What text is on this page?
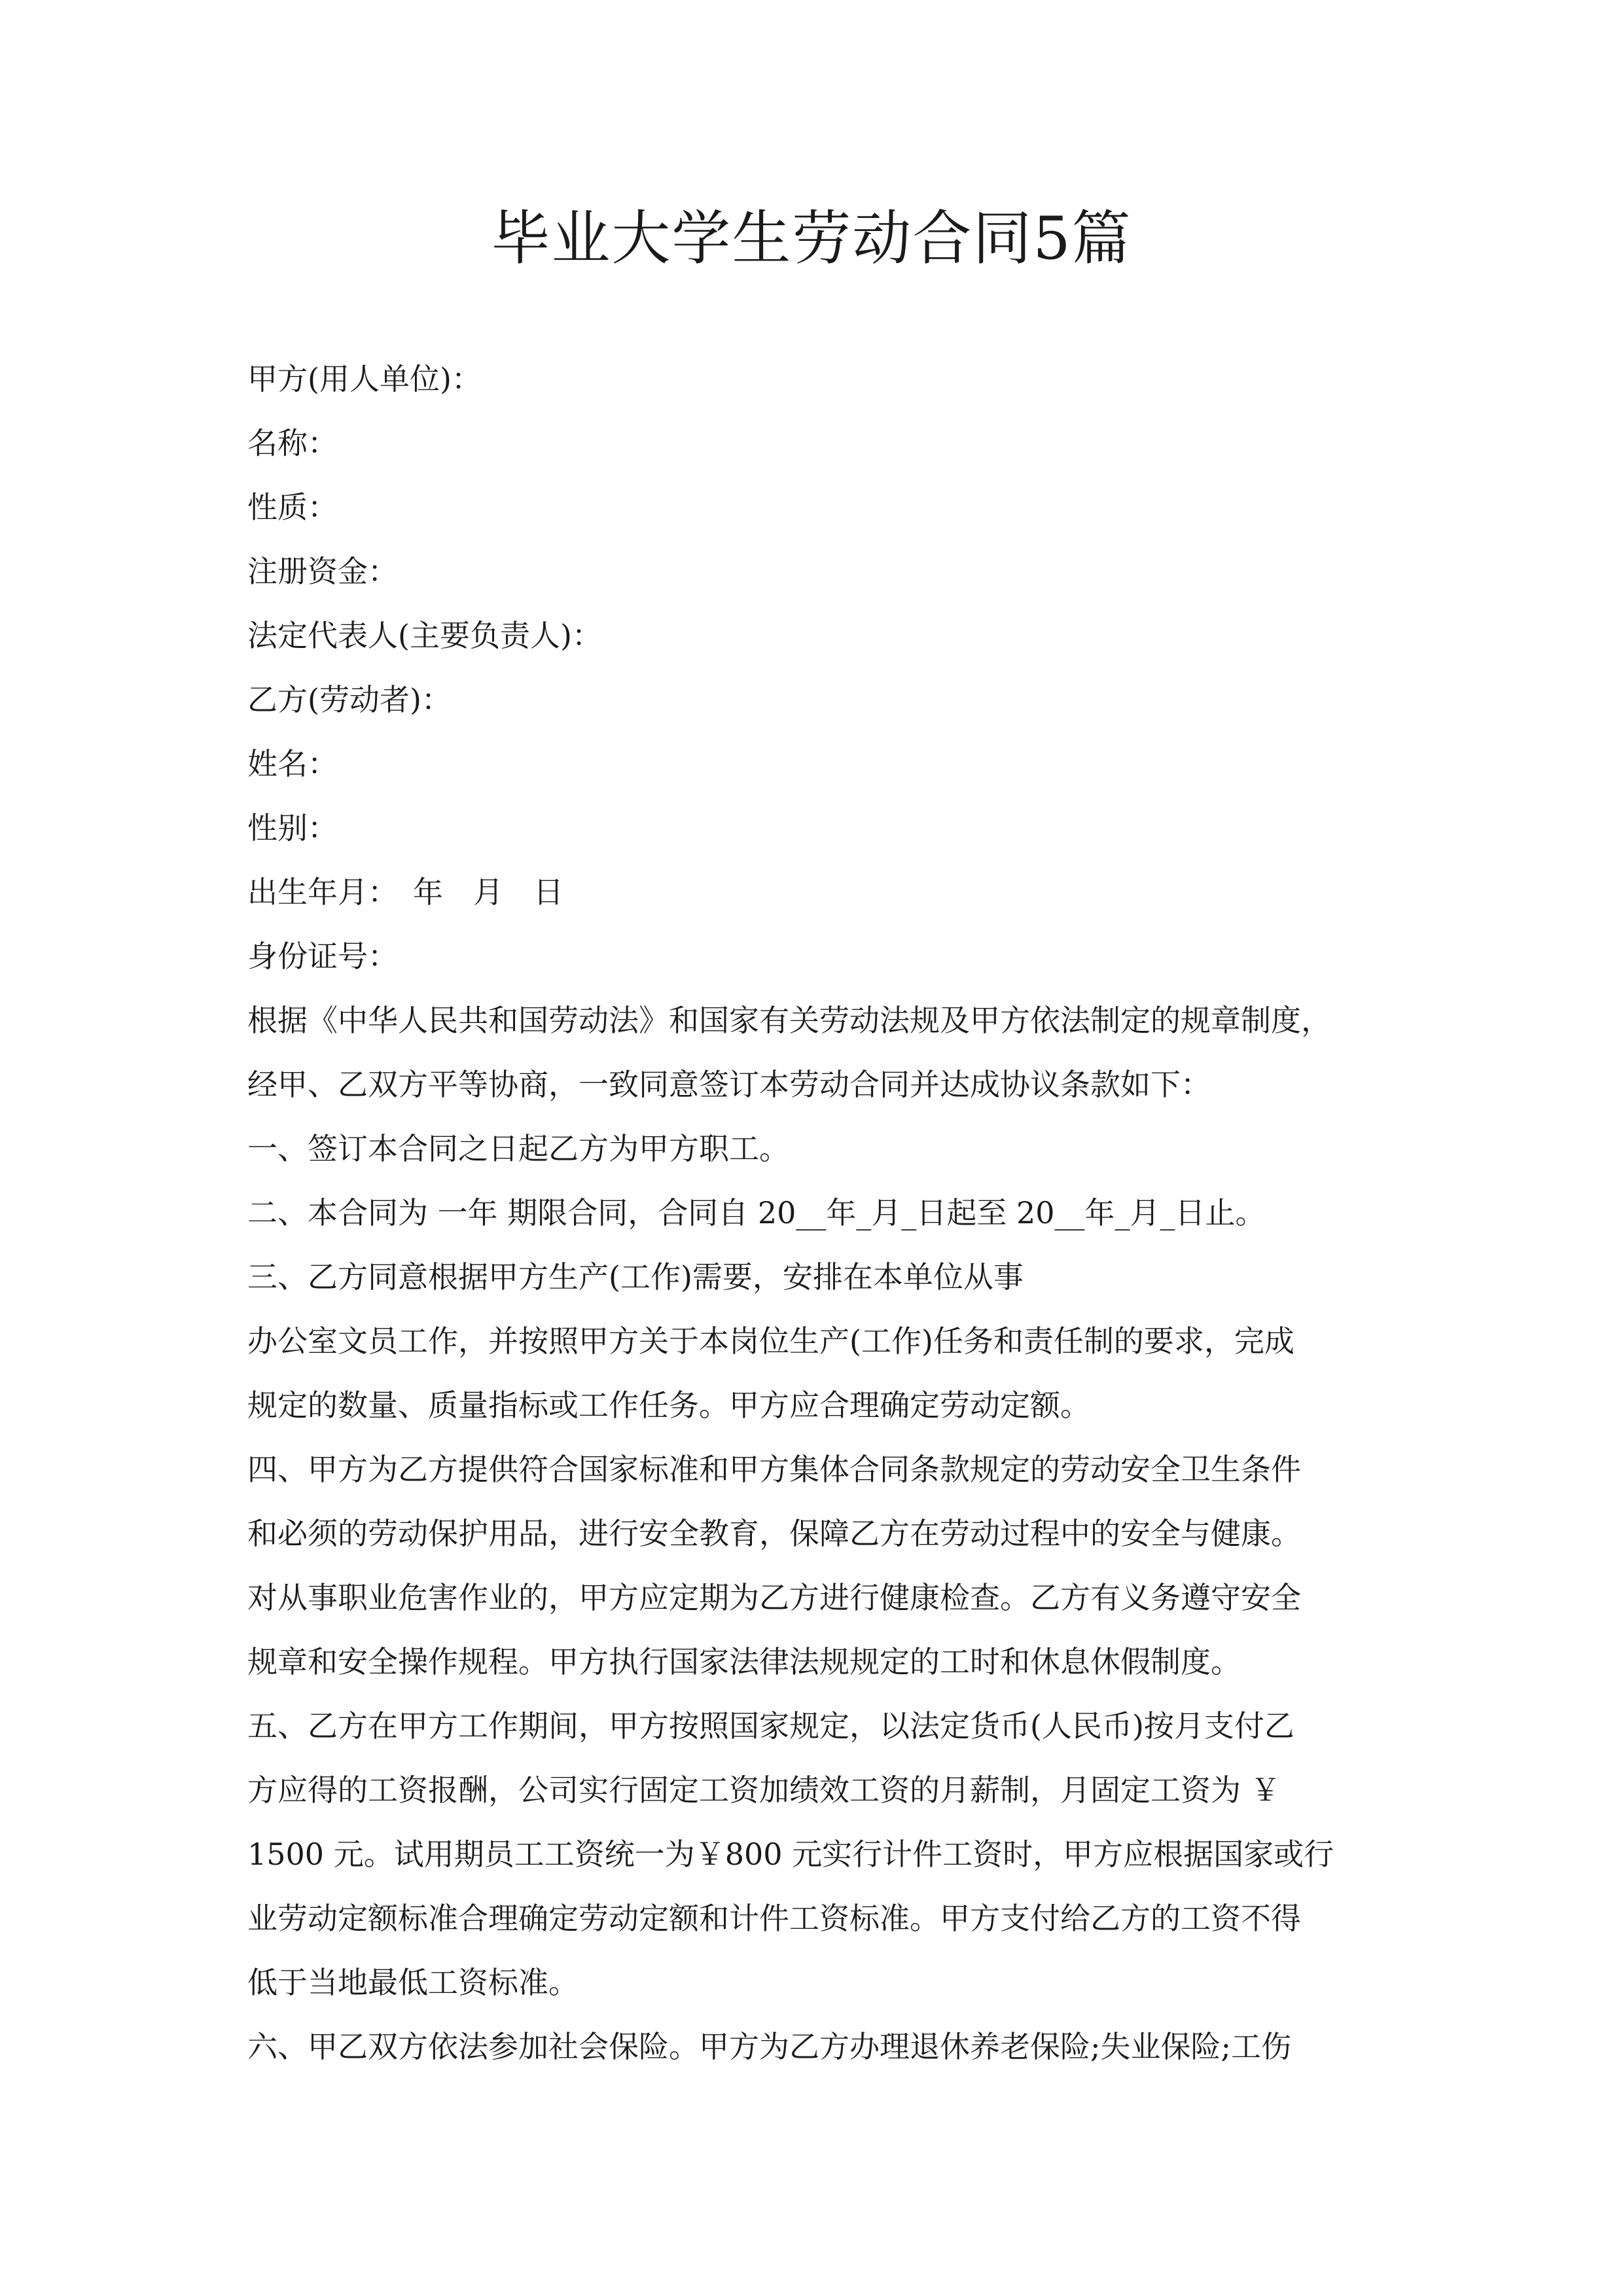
毕业大学生劳动合同5篇
甲方(用人单位)：
名称：
性质：
注册资金：
法定代表人(主要负责人)：
乙方(劳动者)：
姓名：
性别：
出生年月：　年　月　日
身份证号：
根据《中华人民共和国劳动法》和国家有关劳动法规及甲方依法制定的规章制度，
经甲、乙双方平等协商，一致同意签订本劳动合同并达成协议条款如下：
一、签订本合同之日起乙方为甲方职工。
二、本合同为 一年 期限合同，合同自 20__年_月_日起至 20__年_月_日止。
三、乙方同意根据甲方生产(工作)需要，安排在本单位从事
办公室文员工作，并按照甲方关于本岗位生产(工作)任务和责任制的要求，完成
规定的数量、质量指标或工作任务。甲方应合理确定劳动定额。
四、甲方为乙方提供符合国家标准和甲方集体合同条款规定的劳动安全卫生条件
和必须的劳动保护用品，进行安全教育，保障乙方在劳动过程中的安全与健康。
对从事职业危害作业的，甲方应定期为乙方进行健康检查。乙方有义务遵守安全
规章和安全操作规程。甲方执行国家法律法规规定的工时和休息休假制度。
五、乙方在甲方工作期间，甲方按照国家规定，以法定货币(人民币)按月支付乙
方应得的工资报酬，公司实行固定工资加绩效工资的月薪制，月固定工资为 ￥
1500 元。试用期员工工资统一为￥800 元实行计件工资时，甲方应根据国家或行
业劳动定额标准合理确定劳动定额和计件工资标准。甲方支付给乙方的工资不得
低于当地最低工资标准。
六、甲乙双方依法参加社会保险。甲方为乙方办理退休养老保险;失业保险;工伤
